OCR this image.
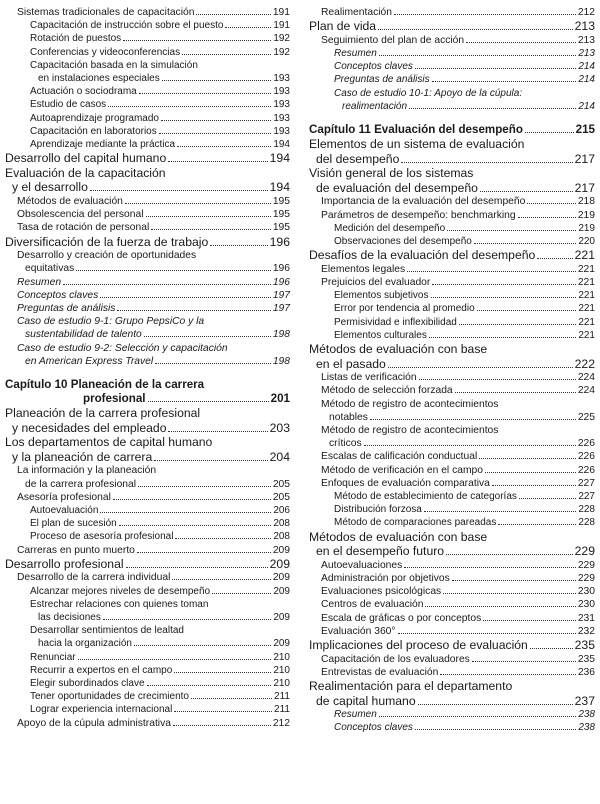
Sistemas tradicionales de capacitación	191
Capacitación de instrucción sobre el puesto	191
Rotación de puestos	192
Conferencias y videoconferencias	192
Capacitación basada en la simulación
en instalaciones especiales	193
Actuación o sociodrama	193
Estudio de casos	193
Autoaprendizaje programado	193
Capacitación en laboratorios	193
Aprendizaje mediante la práctica	194
Desarrollo del capital humano	194
Evaluación de la capacitación
y el desarrollo	194
Métodos de evaluación	195
Obsolescencia del personal	195
Tasa de rotación de personal	195
Diversificación de la fuerza de trabajo	196
Desarrollo y creación de oportunidades
equitativas	196
Resumen	196
Conceptos claves	197
Preguntas de análisis	197
Caso de estudio 9-1: Grupo PepsiCo y la
sustentabilidad de talento	198
Caso de estudio 9-2: Selección y capacitación
en American Express Travel	198
Capítulo 10 Planeación de la carrera
profesional	201
Planeación de la carrera profesional
y necesidades del empleado	203
Los departamentos de capital humano
y la planeación de carrera	204
La información y la planeación
de la carrera profesional	205
Asesoría profesional	205
Autoevaluación	206
El plan de sucesión	208
Proceso de asesoría profesional	208
Carreras en punto muerto	209
Desarrollo profesional	209
Desarrollo de la carrera individual	209
Alcanzar mejores niveles de desempeño	209
Estrechar relaciones con quienes toman
las decisiones	209
Desarrollar sentimientos de lealtad
hacia la organización	209
Renunciar	210
Recurrir a expertos en el campo	210
Elegir subordinados clave	210
Tener oportunidades de crecimiento	211
Lograr experiencia internacional	211
Apoyo de la cúpula administrativa	212
Realimentación	212
Plan de vida	213
Seguimiento del plan de acción	213
Resumen	213
Conceptos claves	214
Preguntas de análisis	214
Caso de estudio 10-1: Apoyo de la cúpula:
realimentación	214
Capítulo 11 Evaluación del desempeño	215
Elementos de un sistema de evaluación
del desempeño	217
Visión general de los sistemas
de evaluación del desempeño	217
Importancia de la evaluación del desempeño	218
Parámetros de desempeño: benchmarking	219
Medición del desempeño	219
Observaciones del desempeño	220
Desafíos de la evaluación del desempeño	221
Elementos legales	221
Prejuicios del evaluador	221
Elementos subjetivos	221
Error por tendencia al promedio	221
Permisividad e inflexibilidad	221
Elementos culturales	221
Métodos de evaluación con base
en el pasado	222
Listas de verificación	224
Método de selección forzada	224
Método de registro de acontecimientos
notables	225
Método de registro de acontecimientos
críticos	226
Escalas de calificación conductual	226
Método de verificación en el campo	226
Enfoques de evaluación comparativa	227
Método de establecimiento de categorías	227
Distribución forzosa	228
Método de comparaciones pareadas	228
Métodos de evaluación con base
en el desempeño futuro	229
Autoevaluaciones	229
Administración por objetivos	229
Evaluaciones psicológicas	230
Centros de evaluación	230
Escala de gráficas o por conceptos	231
Evaluación 360°	232
Implicaciones del proceso de evaluación	235
Capacitación de los evaluadores	235
Entrevistas de evaluación	236
Realimentación para el departamento
de capital humano	237
Resumen	238
Conceptos claves	238
